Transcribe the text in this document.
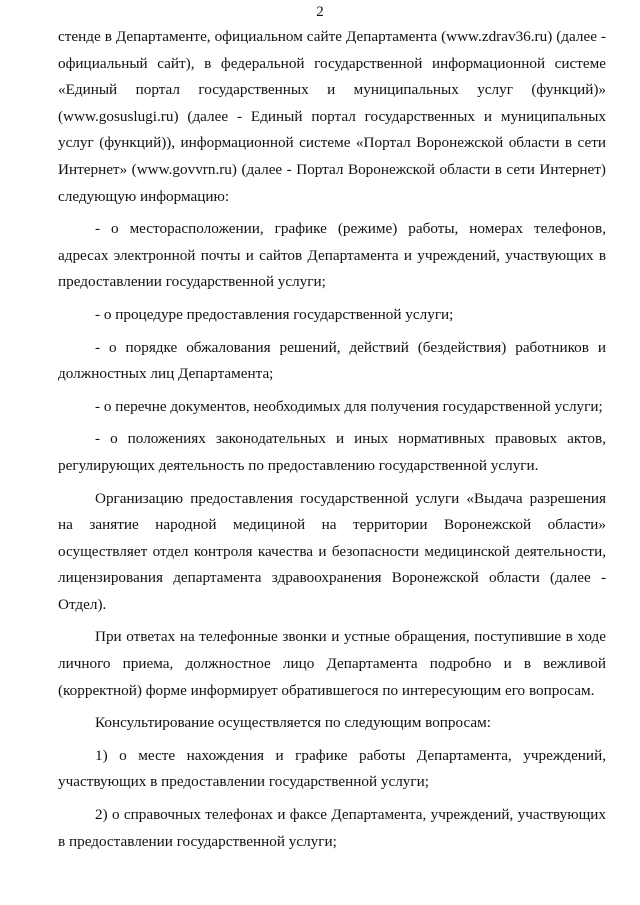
2

стенде в Департаменте, официальном сайте Департамента (www.zdrav36.ru) (далее - официальный сайт), в федеральной государственной информационной системе «Единый портал государственных и муниципальных услуг (функций)» (www.gosuslugi.ru) (далее - Единый портал государственных и муниципальных услуг (функций)), информационной системе «Портал Воронежской области в сети Интернет» (www.govvrn.ru) (далее - Портал Воронежской области в сети Интернет) следующую информацию:

- о месторасположении, графике (режиме) работы, номерах телефонов, адресах электронной почты и сайтов Департамента и учреждений, участвующих в предоставлении государственной услуги;

- о процедуре предоставления государственной услуги;

- о порядке обжалования решений, действий (бездействия) работников и должностных лиц Департамента;

- о перечне документов, необходимых для получения государственной услуги;

- о положениях законодательных и иных нормативных правовых актов, регулирующих деятельность по предоставлению государственной услуги.

Организацию предоставления государственной услуги «Выдача разрешения на занятие народной медициной на территории Воронежской области» осуществляет отдел контроля качества и безопасности медицинской деятельности, лицензирования департамента здравоохранения Воронежской области (далее - Отдел).

При ответах на телефонные звонки и устные обращения, поступившие в ходе личного приема, должностное лицо Департамента подробно и в вежливой (корректной) форме информирует обратившегося по интересующим его вопросам.

Консультирование осуществляется по следующим вопросам:

1) о месте нахождения и графике работы Департамента, учреждений, участвующих в предоставлении государственной услуги;

2) о справочных телефонах и факсе Департамента, учреждений, участвующих в предоставлении государственной услуги;
